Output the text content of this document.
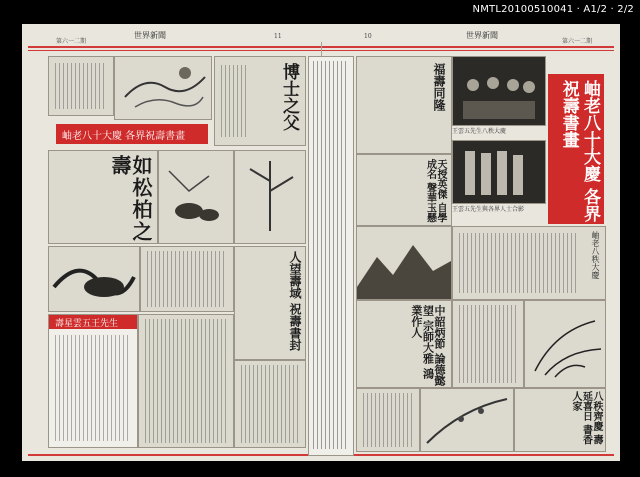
NMTL20100510041 · A1/2 · 2/2
世界新聞	世界新聞
11	10
第六一二期	第六一二期
博士之父
岫老八十大慶 各界祝壽書畫
如松柏之壽
人望壽域 祝壽書封
壽星雲五王先生
福壽同隆
天授英傑 自學成名 聲華玉懸
王雲五先生八秩大慶
王雲五先生與各界人士合影	岫老八十大慶 各界祝壽書畫
岫老八秩大慶
中韶炳節 論德懿望 宗師大雅 鴻業作人
八秩齊慶 壽延喜日 書香人家
